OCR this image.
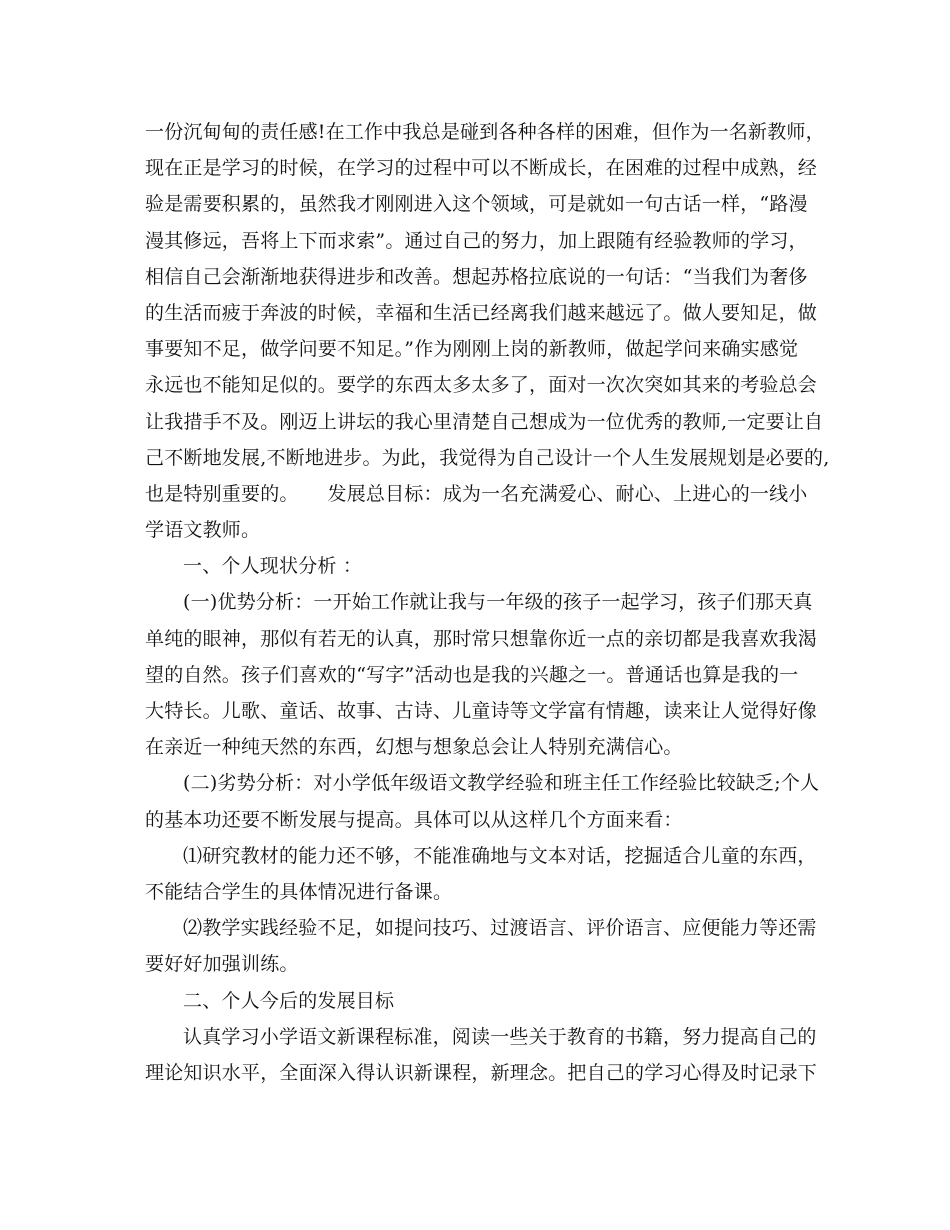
一份沉甸甸的责任感!在工作中我总是碰到各种各样的困难，但作为一名新教师，
现在正是学习的时候，在学习的过程中可以不断成长，在困难的过程中成熟，经
验是需要积累的，虽然我才刚刚进入这个领域，可是就如一句古话一样，“路漫
漫其修远，吾将上下而求索”。通过自己的努力，加上跟随有经验教师的学习，
相信自己会渐渐地获得进步和改善。想起苏格拉底说的一句话：“当我们为奢侈
的生活而疲于奔波的时候，幸福和生活已经离我们越来越远了。做人要知足，做
事要知不足，做学问要不知足。”作为刚刚上岗的新教师，做起学问来确实感觉
永远也不能知足似的。要学的东西太多太多了，面对一次次突如其来的考验总会
让我措手不及。刚迈上讲坛的我心里清楚自己想成为一位优秀的教师,一定要让自
己不断地发展,不断地进步。为此，我觉得为自己设计一个人生发展规划是必要的,
也是特别重要的。　　发展总目标：成为一名充满爱心、耐心、上进心的一线小
学语文教师。
一、个人现状分析 ：
(一)优势分析：一开始工作就让我与一年级的孩子一起学习，孩子们那天真
单纯的眼神，那似有若无的认真，那时常只想靠你近一点的亲切都是我喜欢我渴
望的自然。孩子们喜欢的“写字”活动也是我的兴趣之一。普通话也算是我的一
大特长。儿歌、童话、故事、古诗、儿童诗等文学富有情趣，读来让人觉得好像
在亲近一种纯天然的东西，幻想与想象总会让人特别充满信心。
(二)劣势分析：对小学低年级语文教学经验和班主任工作经验比较缺乏;个人
的基本功还要不断发展与提高。具体可以从这样几个方面来看：
⑴研究教材的能力还不够，不能准确地与文本对话，挖掘适合儿童的东西，
不能结合学生的具体情况进行备课。
⑵教学实践经验不足，如提问技巧、过渡语言、评价语言、应便能力等还需
要好好加强训练。
二、个人今后的发展目标
认真学习小学语文新课程标准，阅读一些关于教育的书籍，努力提高自己的
理论知识水平，全面深入得认识新课程，新理念。把自己的学习心得及时记录下
